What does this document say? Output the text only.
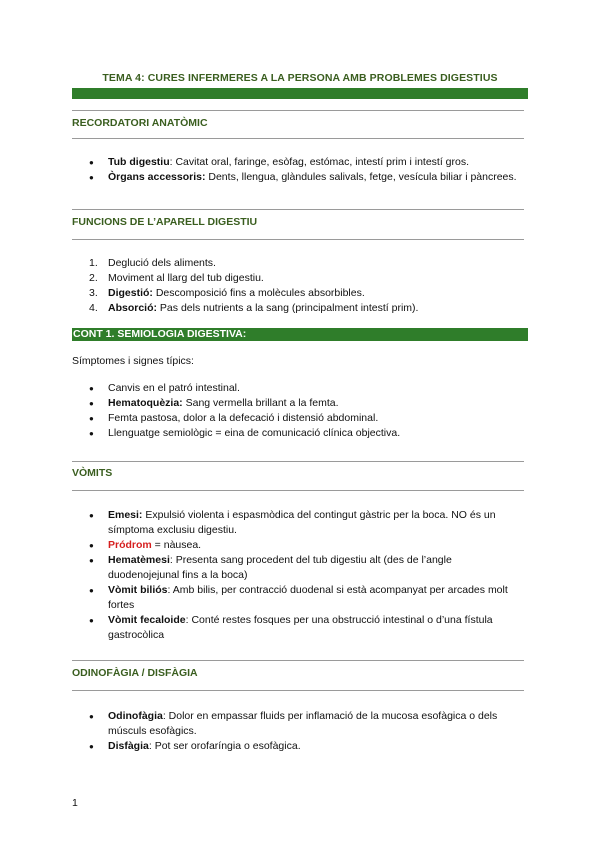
TEMA 4: CURES INFERMERES A LA PERSONA AMB PROBLEMES DIGESTIUS
RECORDATORI ANATÒMIC
● Tub digestiu: Cavitat oral, faringe, esòfag, estómac, intestí prim i intestí gros.
● Òrgans accessoris: Dents, llengua, glàndules salivals, fetge, vesícula biliar i pàncrees.
FUNCIONS DE L’APARELL DIGESTIU
1. Deglució dels aliments.
2. Moviment al llarg del tub digestiu.
3. Digestió: Descomposició fins a molècules absorbibles.
4. Absorció: Pas dels nutrients a la sang (principalment intestí prim).
CONT 1. SEMIOLOGIA DIGESTIVA:
Símptomes i signes típics:
● Canvis en el patró intestinal.
● Hematoquèzia: Sang vermella brillant a la femta.
● Femta pastosa, dolor a la defecació i distensió abdominal.
● Llenguatge semiològic = eina de comunicació clínica objectiva.
VÒMITS
● Emesi: Expulsió violenta i espasmòdica del contingut gàstric per la boca. NO és un símptoma exclusiu digestiu.
● Pródrom = nàusea.
● Hematèmesi: Presenta sang procedent del tub digestiu alt (des de l’angle duodenojejunal fins a la boca)
● Vòmit biliós: Amb bilis, per contracció duodenal si està acompanyat per arcades molt fortes
● Vòmit fecaloide: Conté restes fosques per una obstrucció intestinal o d’una fístula gastrocòlica
ODINOFÀGIA / DISFÀGIA
● Odinofàgia: Dolor en empassar fluids per inflamació de la mucosa esofàgica o dels músculs esofàgics.
● Disfàgia: Pot ser orofaríngia o esofàgica.
1
